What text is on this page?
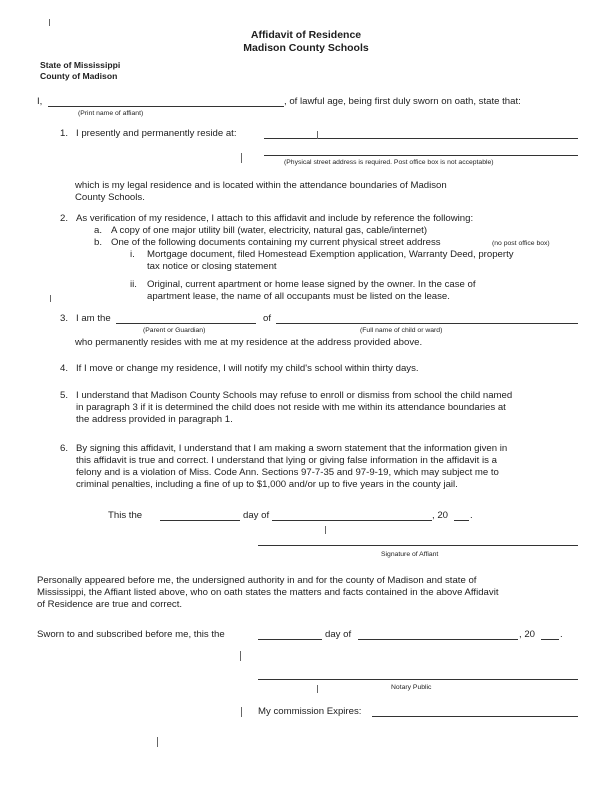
Affidavit of Residence
Madison County Schools
State of Mississippi
County of Madison
I,	, of lawful age, being first duly sworn on oath, state that:
(Print name of affiant)
1. I presently and permanently reside at:
(Physical street address is required. Post office box is not acceptable)
which is my legal residence and is located within the attendance boundaries of Madison
County Schools.
2. As verification of my residence, I attach to this affidavit and include by reference the following:
a. A copy of one major utility bill (water, electricity, natural gas, cable/internet)
b. One of the following documents containing my current physical street address	(no post office box)
i. Mortgage document, filed Homestead Exemption application, Warranty Deed, property
tax notice or closing statement
ii. Original, current apartment or home lease signed by the owner. In the case of
apartment lease, the name of all occupants must be listed on the lease.
3. I am the	of
(Parent or Guardian)	(Full name of child or ward)
who permanently resides with me at my residence at the address provided above.
4. If I move or change my residence, I will notify my child's school within thirty days.
5. I understand that Madison County Schools may refuse to enroll or dismiss from school the child named
in paragraph 3 if it is determined the child does not reside with me within its attendance boundaries at
the address provided in paragraph 1.
6. By signing this affidavit, I understand that I am making a sworn statement that the information given in
this affidavit is true and correct. I understand that lying or giving false information in the affidavit is a
felony and is a violation of Miss. Code Ann. Sections 97-7-35 and 97-9-19, which may subject me to
criminal penalties, including a fine of up to $1,000 and/or up to five years in the county jail.
This the	day of	, 20 .
Signature of Affiant
Personally appeared before me, the undersigned authority in and for the county of Madison and state of
Mississippi, the Affiant listed above, who on oath states the matters and facts contained in the above Affidavit
of Residence are true and correct.
Sworn to and subscribed before me, this the	day of	, 20	.
Notary Public
My commission Expires:
